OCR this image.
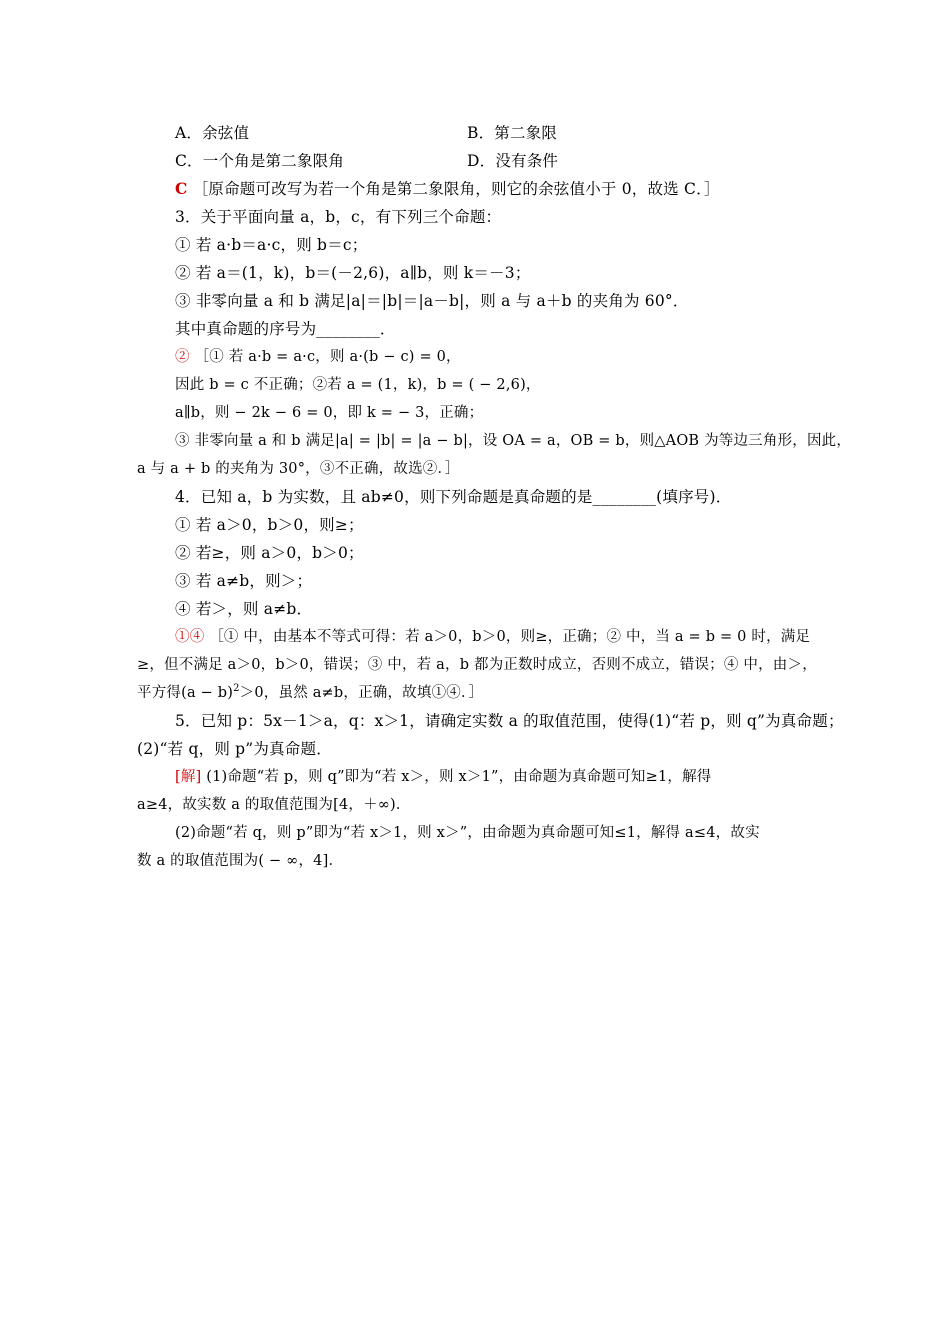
A．余弦值	B．第二象限
C．一个角是第二象限角	D．没有条件
C ［原命题可改写为若一个角是第二象限角，则它的余弦值小于 0，故选 C．］
3．关于平面向量 a，b，c，有下列三个命题：
① 若 a·b＝a·c，则 b＝c；
② 若 a＝(1，k)，b＝(－2,6)，a∥b，则 k＝－3；
③ 非零向量 a 和 b 满足|a|＝|b|＝|a－b|，则 a 与 a＋b 的夹角为 60°．
其中真命题的序号为________．
② ［① 若 a·b = a·c，则 a·(b − c) = 0，
因此 b = c 不正确；②若 a = (1，k)，b = ( − 2,6)，
a∥b，则 − 2k − 6 = 0，即 k = − 3，正确；
③ 非零向量 a 和 b 满足|a| = |b| = |a − b|，设 OA = a，OB = b，则△AOB 为等边三角形，因此，
a 与 a + b 的夹角为 30°，③不正确，故选②．］
4．已知 a，b 为实数，且 ab≠0，则下列命题是真命题的是________(填序号)．
① 若 a＞0，b＞0，则≥；
② 若≥，则 a＞0，b＞0；
③ 若 a≠b，则＞；
④ 若＞，则 a≠b．
①④ ［① 中，由基本不等式可得：若 a＞0，b＞0，则≥，正确；② 中，当 a = b = 0 时，满足
≥，但不满足 a＞0，b＞0，错误；③ 中，若 a，b 都为正数时成立，否则不成立，错误；④ 中，由＞，
平方得$(a - b)^2>0$，虽然 a≠b，正确，故填①④．］
5．已知 p：5x－1＞a，q：x＞1，请确定实数 a 的取值范围，使得(1)“若 p，则 q”为真命题；
(2)“若 q，则 p”为真命题．
[解] (1)命题“若 p，则 q”即为“若 x＞，则 x＞1”，由命题为真命题可知≥1，解得
a≥4，故实数 a 的取值范围为[4，＋∞)．
(2)命题“若 q，则 p”即为“若 x＞1，则 x＞”，由命题为真命题可知≤1，解得 a≤4，故实
数 a 的取值范围为( − ∞，4]．
